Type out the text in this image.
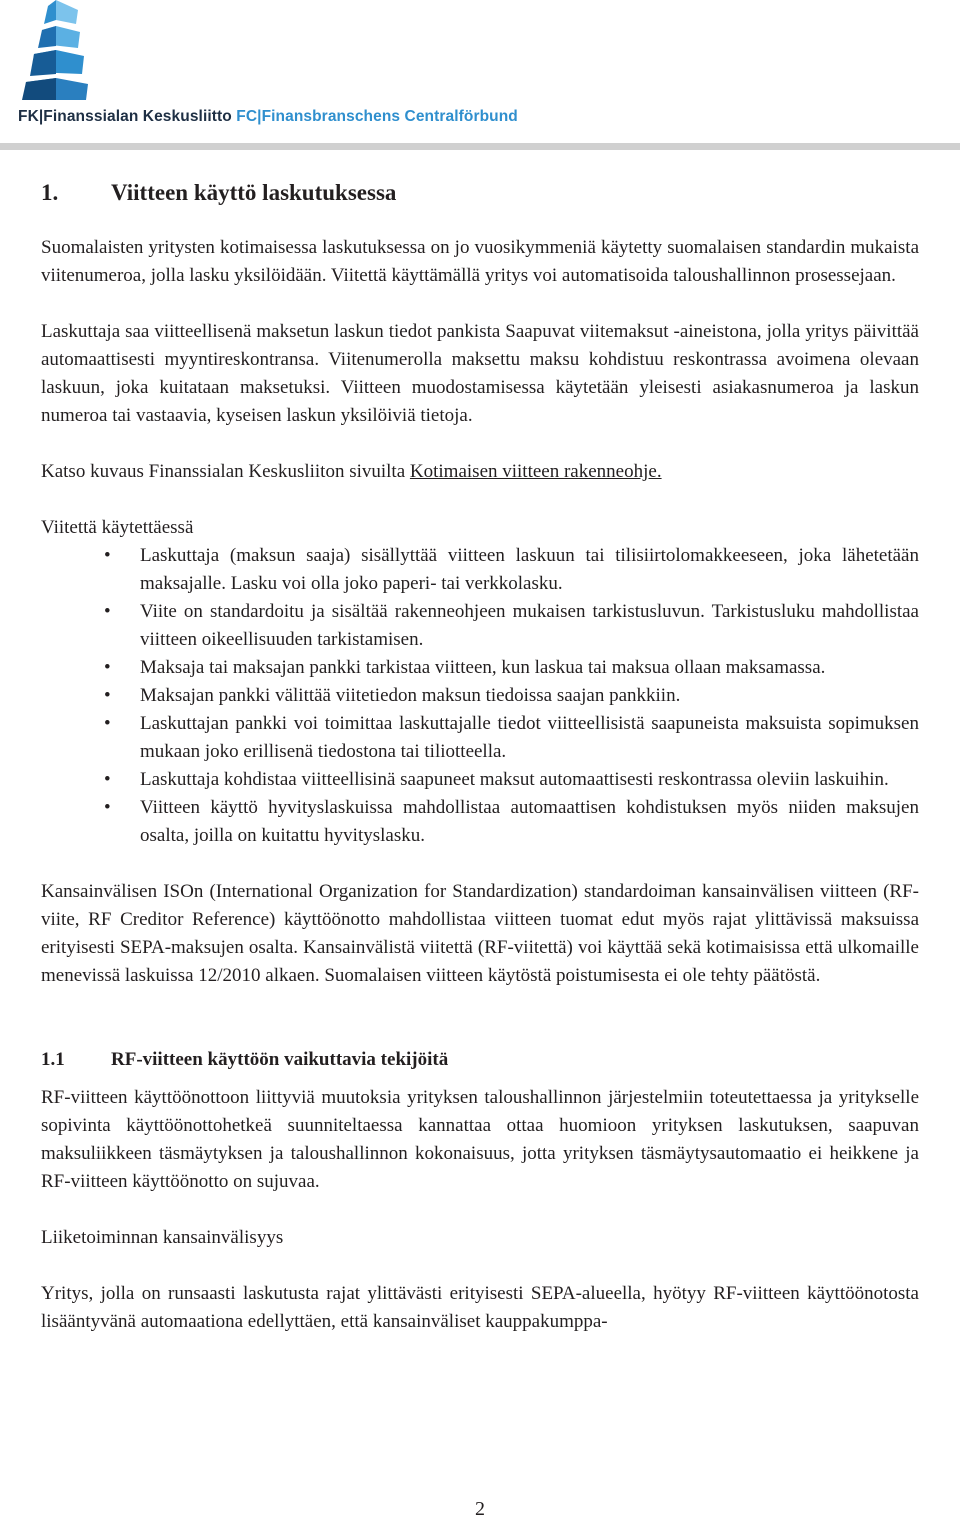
FK|Finanssialan Keskusliitto FC|Finansbranschens Centralförbund
1.	Viitteen käyttö laskutuksessa

Suomalaisten yritysten kotimaisessa laskutuksessa on jo vuosikymmeniä käytetty suomalaisen standardin mukaista viitenumeroa, jolla lasku yksilöidään. Viitettä käyttämällä yritys voi automatisoida taloushallinnon prosessejaan.

Laskuttaja saa viitteellisenä maksetun laskun tiedot pankista Saapuvat viitemaksut -aineistona, jolla yritys päivittää automaattisesti myyntireskontransa. Viitenumerolla maksettu maksu kohdistuu reskontrassa avoimena olevaan laskuun, joka kuitataan maksetuksi. Viitteen muodostamisessa käytetään yleisesti asiakasnumeroa ja laskun numeroa tai vastaavia, kyseisen laskun yksilöiviä tietoja.

Katso kuvaus Finanssialan Keskusliiton sivuilta Kotimaisen viitteen rakenneohje.

Viitettä käytettäessä

• Laskuttaja (maksun saaja) sisällyttää viitteen laskuun tai tilisiirtolomakkeeseen, joka lähetetään maksajalle. Lasku voi olla joko paperi- tai verkkolasku.
• Viite on standardoitu ja sisältää rakenneohjeen mukaisen tarkistusluvun. Tarkistusluku mahdollistaa viitteen oikeellisuuden tarkistamisen.
• Maksaja tai maksajan pankki tarkistaa viitteen, kun laskua tai maksua ollaan maksamassa.
• Maksajan pankki välittää viitetiedon maksun tiedoissa saajan pankkiin.
• Laskuttajan pankki voi toimittaa laskuttajalle tiedot viitteellisistä saapuneista maksuista sopimuksen mukaan joko erillisenä tiedostona tai tiliotteella.
• Laskuttaja kohdistaa viitteellisinä saapuneet maksut automaattisesti reskontrassa oleviin laskuihin.
• Viitteen käyttö hyvityslaskuissa mahdollistaa automaattisen kohdistuksen myös niiden maksujen osalta, joilla on kuitattu hyvityslasku.

Kansainvälisen ISOn (International Organization for Standardization) standardoiman kansainvälisen viitteen (RF-viite, RF Creditor Reference) käyttöönotto mahdollistaa viitteen tuomat edut myös rajat ylittävissä maksuissa erityisesti SEPA-maksujen osalta. Kansainvälistä viitettä (RF-viitettä) voi käyttää sekä kotimaisissa että ulkomaille menevissä laskuissa 12/2010 alkaen. Suomalaisen viitteen käytöstä poistumisesta ei ole tehty päätöstä.

1.1	RF-viitteen käyttöön vaikuttavia tekijöitä

RF-viitteen käyttöönottoon liittyviä muutoksia yrityksen taloushallinnon järjestelmiin toteutettaessa ja yritykselle sopivinta käyttöönottohetkeä suunniteltaessa kannattaa ottaa huomioon yrityksen laskutuksen, saapuvan maksuliikkeen täsmäytyksen ja taloushallinnon kokonaisuus, jotta yrityksen täsmäytysautomaatio ei heikkene ja RF-viitteen käyttöönotto on sujuvaa.

Liiketoiminnan kansainvälisyys

Yritys, jolla on runsaasti laskutusta rajat ylittävästi erityisesti SEPA-alueella, hyötyy RF-viitteen käyttöönotosta lisääntyvänä automaationa edellyttäen, että kansainväliset kauppakumppa-

2
